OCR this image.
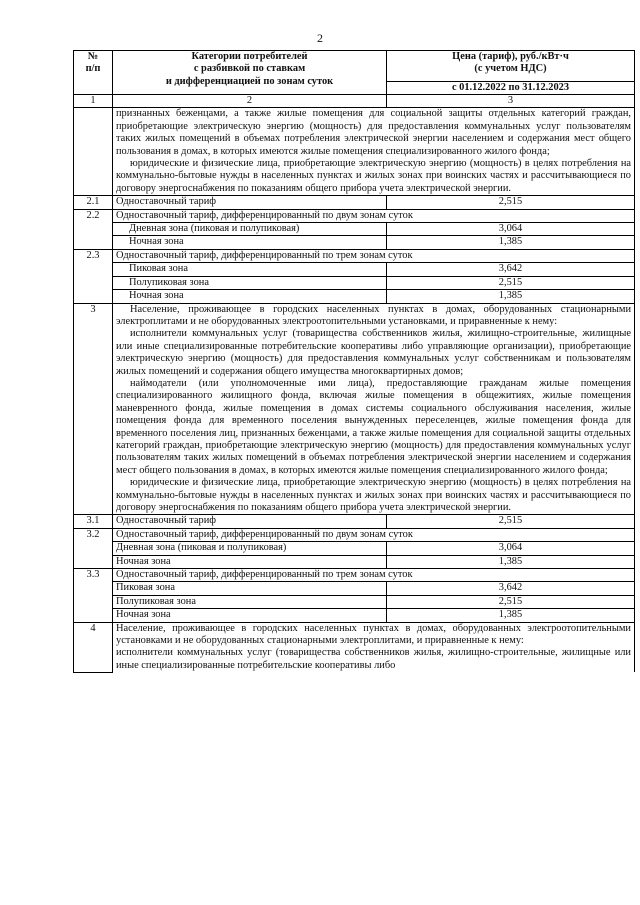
2
№
п/п	Категории потребителей
с разбивкой по ставкам
и дифференциацией по зонам суток	Цена (тариф), руб./кВт·ч
(с учетом НДС)
		с 01.12.2022 по 31.12.2023
1	2	3

	признанных беженцами, а также жилые помещения для социальной защиты отдельных категорий граждан, приобретающие электрическую энергию (мощность) для предоставления коммунальных услуг пользователям таких жилых помещений в объемах потребления электрической энергии населением и содержания мест общего пользования в домах, в которых имеются жилые помещения специализированного жилого фонда;

юридические и физические лица, приобретающие электрическую энергию (мощность) в целях потребления на коммунально-бытовые нужды в населенных пунктах и жилых зонах при воинских частях и рассчитывающиеся по договору энергоснабжения по показаниям общего прибора учета электрической энергии.	

2.1	Одноставочный тариф	2,515
2.2	Одноставочный тариф, дифференцированный по двум зонам суток	
	Дневная зона (пиковая и полупиковая)	3,064
	Ночная зона	1,385
2.3	Одноставочный тариф, дифференцированный по трем зонам суток	
	Пиковая зона	3,642
	Полупиковая зона	2,515
	Ночная зона	1,385
3	Население, проживающее в городских населенных пунктах в домах, оборудованных стационарными электроплитами и не оборудованных электроотопительными установками, и приравненные к нему:

исполнители коммунальных услуг (товарищества собственников жилья, жилищно-строительные, жилищные или иные специализированные потребительские кооперативы либо управляющие организации), приобретающие электрическую энергию (мощность) для предоставления коммунальных услуг собственникам и пользователям жилых помещений и содержания общего имущества многоквартирных домов;

наймодатели (или уполномоченные ими лица), предоставляющие гражданам жилые помещения специализированного жилищного фонда, включая жилые помещения в общежитиях, жилые помещения маневренного фонда, жилые помещения в домах системы социального обслуживания населения, жилые помещения фонда для временного поселения вынужденных переселенцев, жилые помещения фонда для временного поселения лиц, признанных беженцами, а также жилые помещения для социальной защиты отдельных категорий граждан, приобретающие электрическую энергию (мощность) для предоставления коммунальных услуг пользователям таких жилых помещений в объемах потребления электрической энергии населением и содержания мест общего пользования в домах, в которых имеются жилые помещения специализированного жилого фонда;

юридические и физические лица, приобретающие электрическую энергию (мощность) в целях потребления на коммунально-бытовые нужды в населенных пунктах и жилых зонах при воинских частях и рассчитывающиеся по договору энергоснабжения по показаниям общего прибора учета электрической энергии.	

3.1	Одноставочный тариф	2,515
3.2	Одноставочный тариф, дифференцированный по двум зонам суток	
	Дневная зона (пиковая и полупиковая)	3,064
	Ночная зона	1,385
3.3	Одноставочный тариф, дифференцированный по трем зонам суток	
	Пиковая зона	3,642
	Полупиковая зона	2,515
	Ночная зона	1,385
4	Население, проживающее в городских населенных пунктах в домах, оборудованных электроотопительными установками и не оборудованных стационарными электроплитами, и приравненные к нему:

исполнители коммунальных услуг (товарищества собственников жилья, жилищно-строительные, жилищные или иные специализированные потребительские кооперативы либо	
